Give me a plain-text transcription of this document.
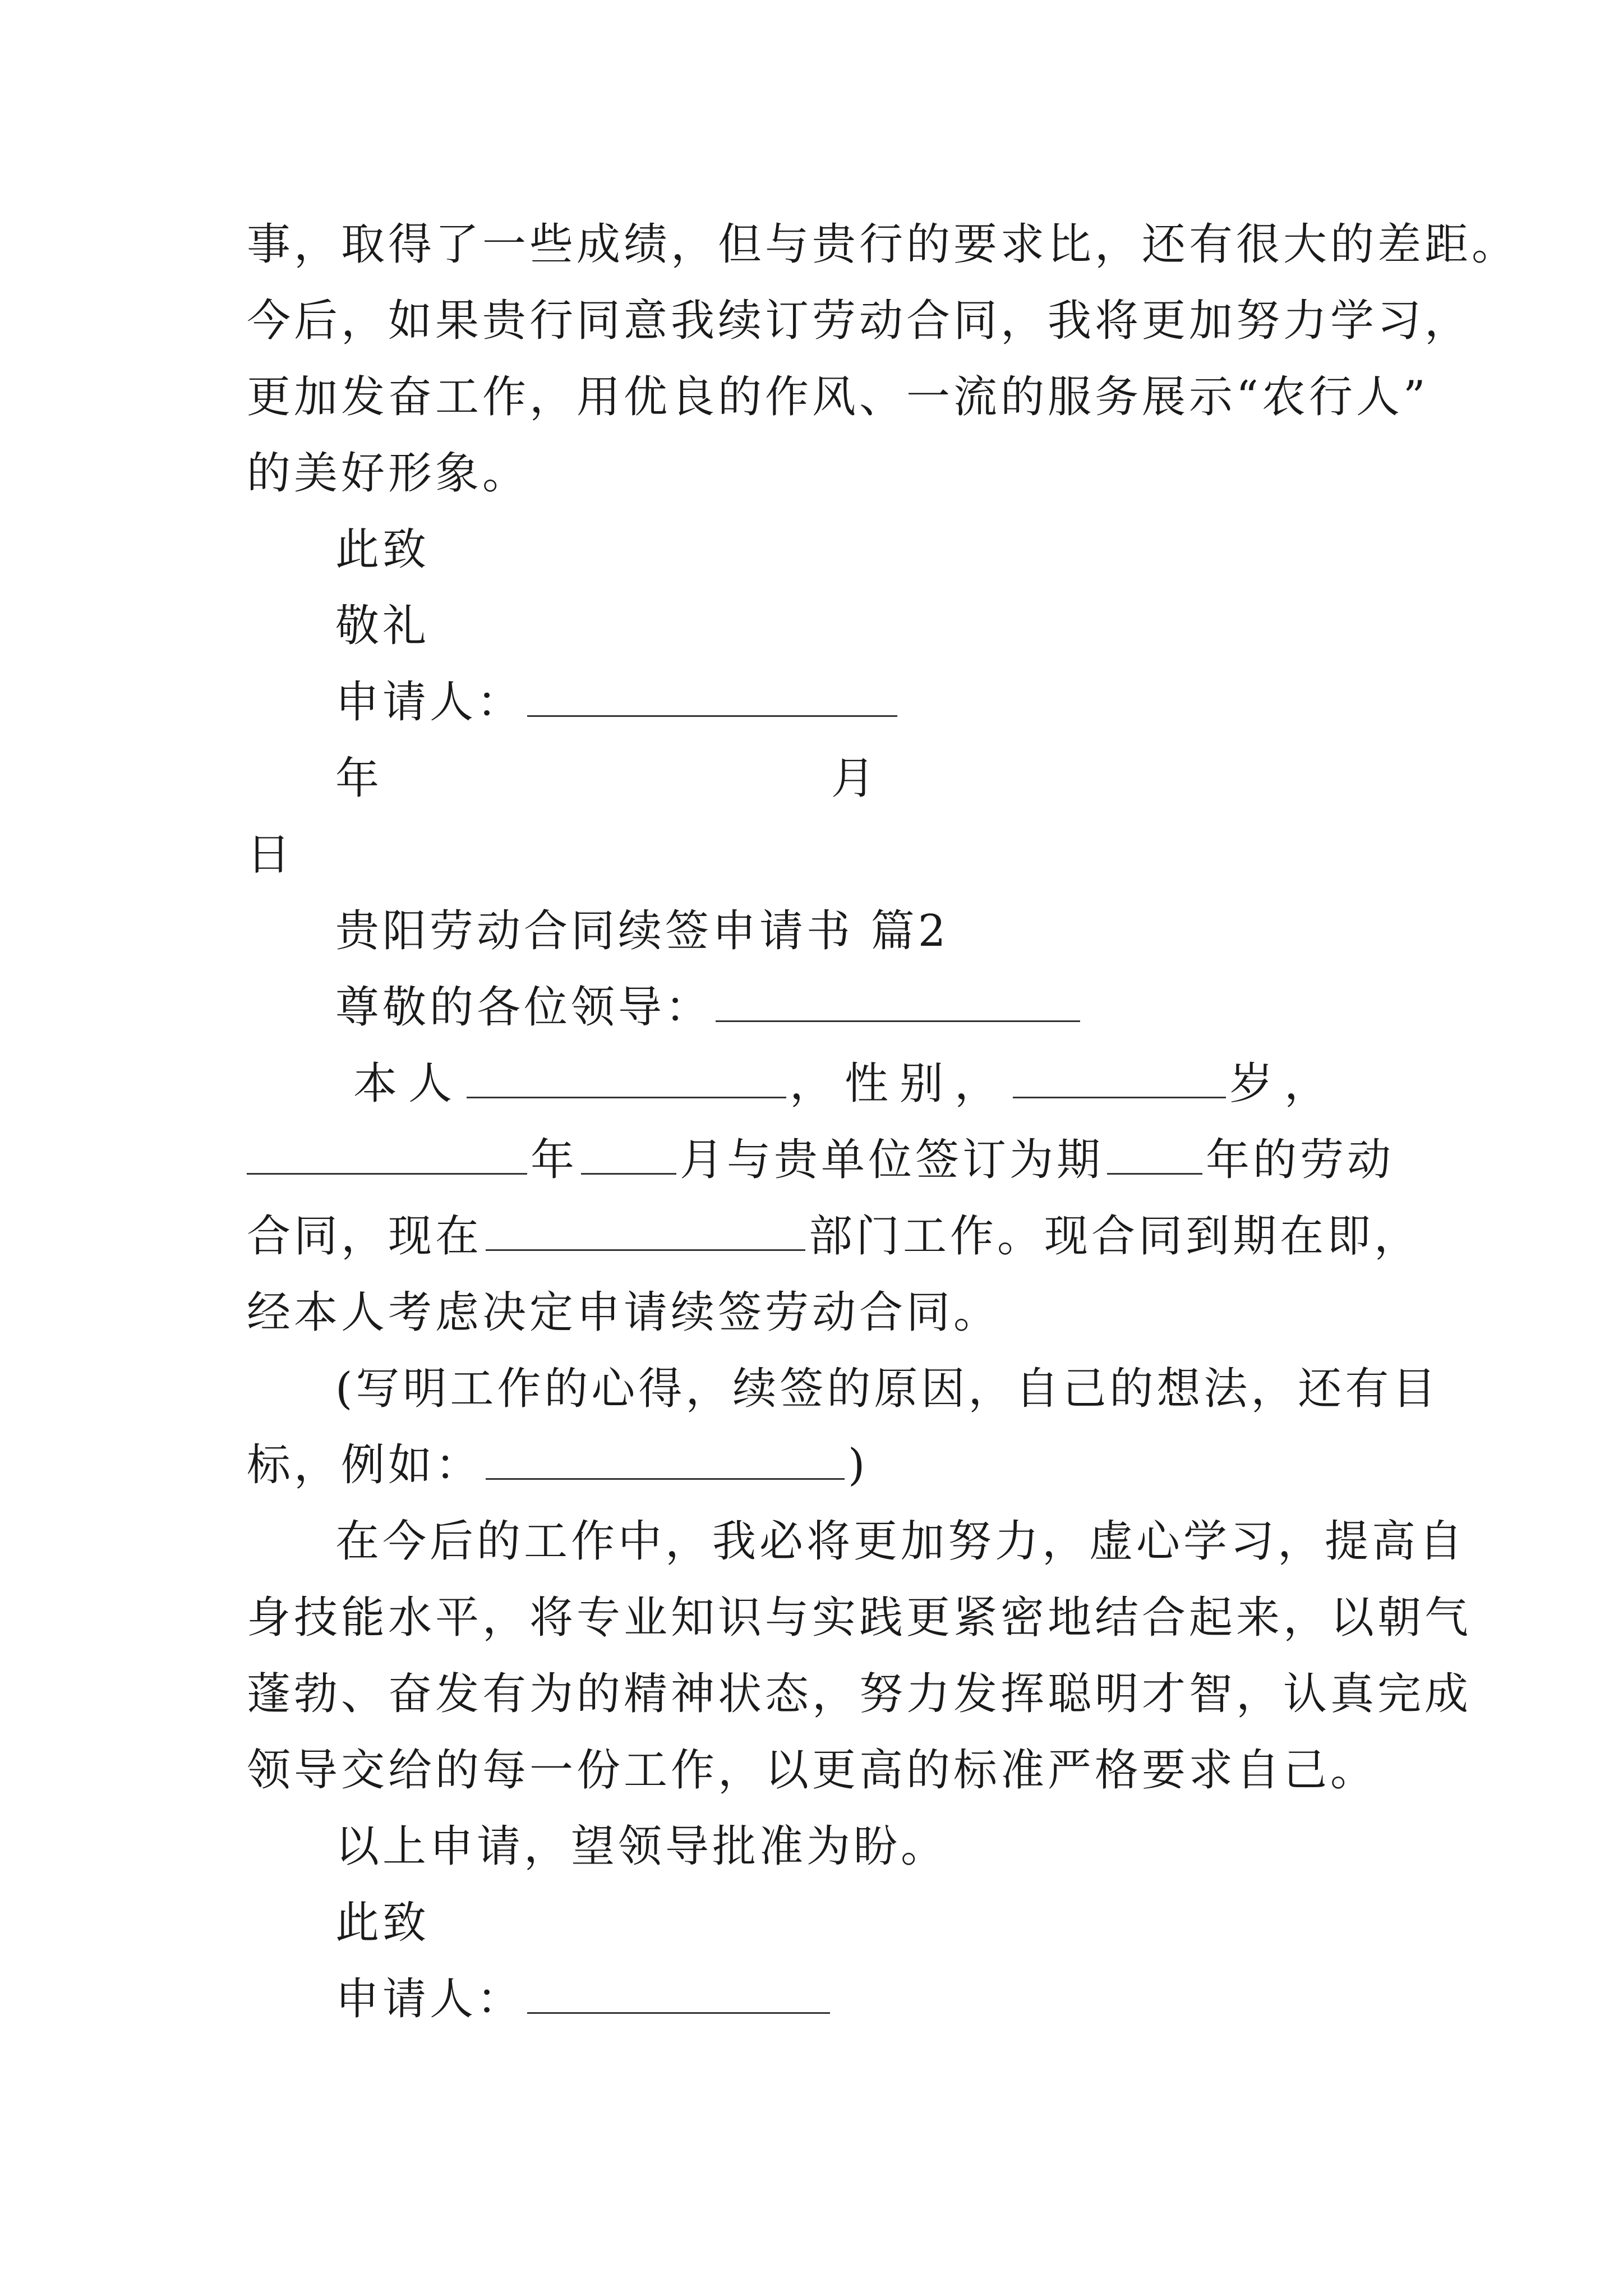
事，取得了一些成绩，但与贵行的要求比，还有很大的差距。
今后，如果贵行同意我续订劳动合同，我将更加努力学习，
更加发奋工作，用优良的作风、一流的服务展示“农行人”
的美好形象。
此致
敬礼
申请人：
年	月
日
贵阳劳动合同续签申请书 篇2
尊敬的各位领导：
本人	，性别，	岁，
年 月与贵单位签订为期 年的劳动
合同，现在	部门工作。现合同到期在即，
经本人考虑决定申请续签劳动合同。
(写明工作的心得，续签的原因，自己的想法，还有目
标，例如：	)
在今后的工作中，我必将更加努力，虚心学习，提高自
身技能水平，将专业知识与实践更紧密地结合起来，以朝气
蓬勃、奋发有为的精神状态，努力发挥聪明才智，认真完成
领导交给的每一份工作，以更高的标准严格要求自己。
以上申请，望领导批准为盼。
此致
申请人：
